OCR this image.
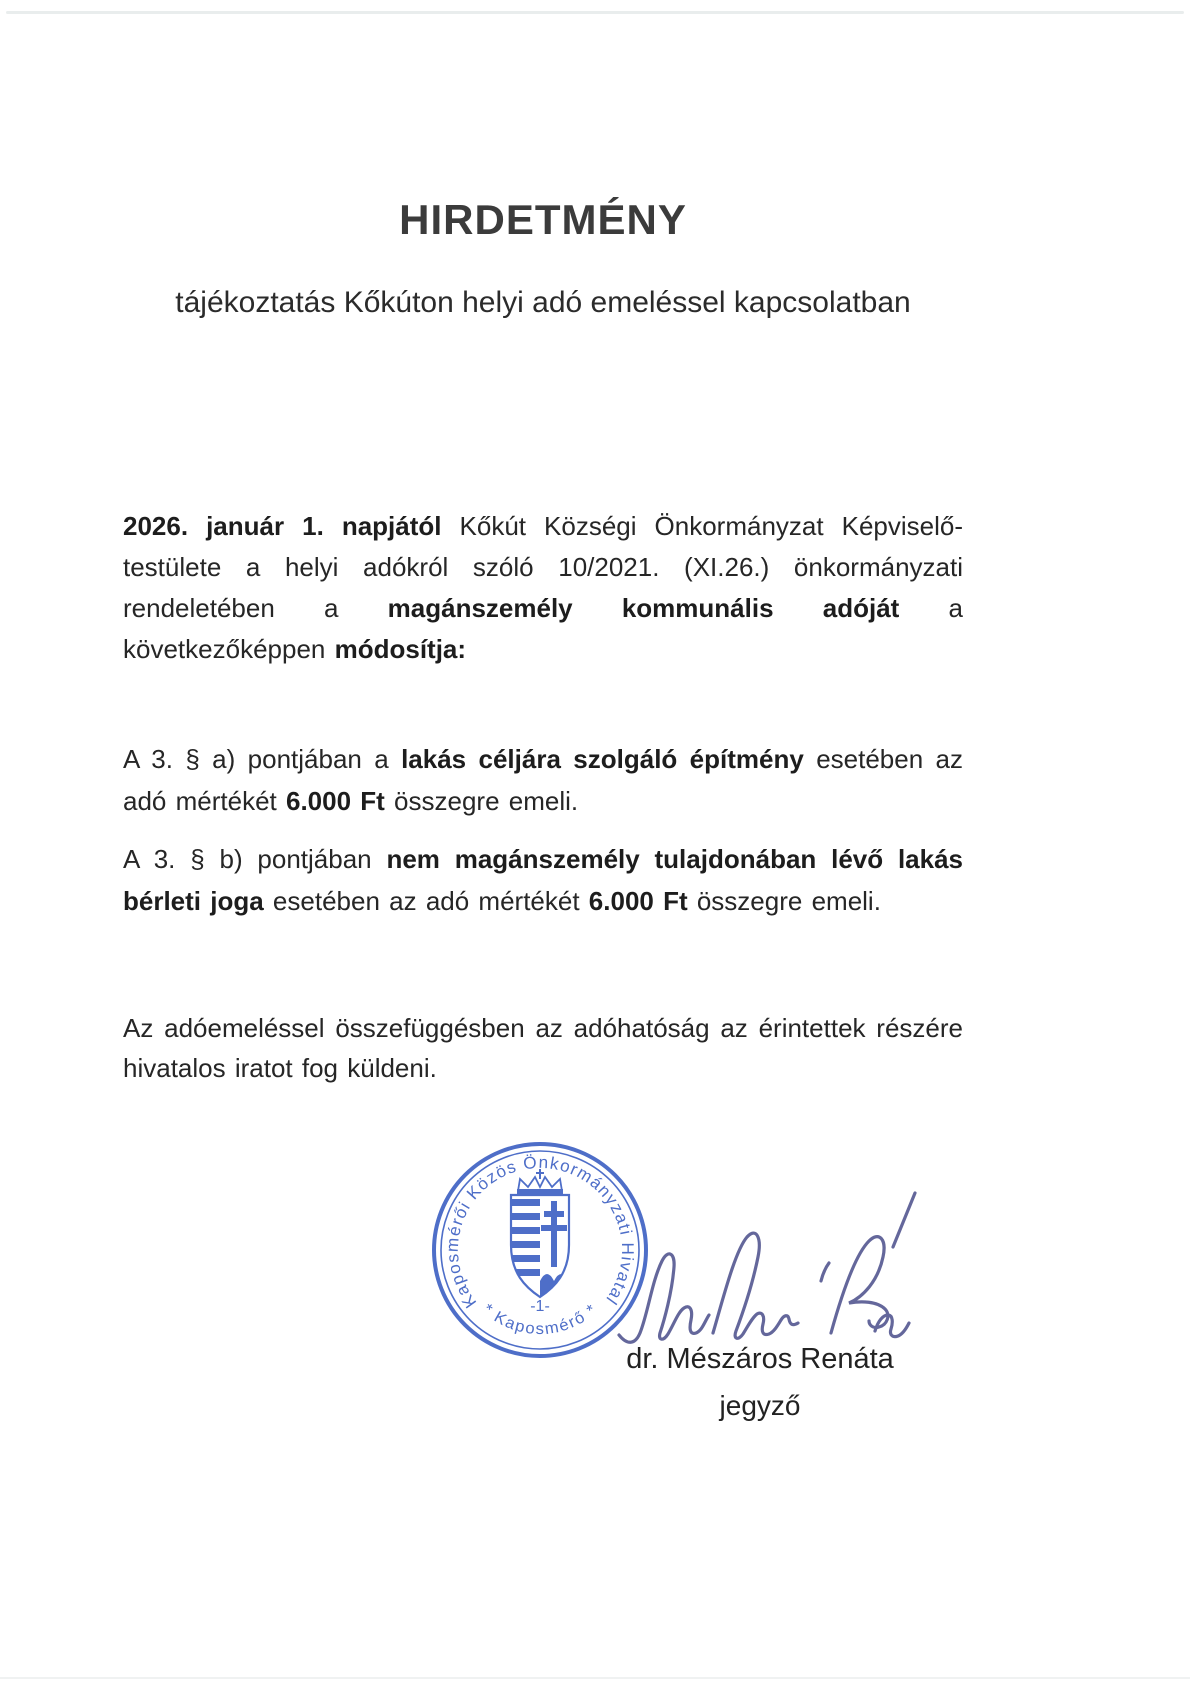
HIRDETMÉNY
tájékoztatás Kőkúton helyi adó emeléssel kapcsolatban
2026. január 1. napjától Kőkút Községi Önkormányzat Képviselő-testülete a helyi adókról szóló 10/2021. (XI.26.) önkormányzati rendeletében a magánszemély kommunális adóját a következőképpen módosítja:
A 3. § a) pontjában a lakás céljára szolgáló építmény esetében az adó mértékét 6.000 Ft összegre emeli.
A 3. § b) pontjában nem magánszemély tulajdonában lévő lakás bérleti joga esetében az adó mértékét 6.000 Ft összegre emeli.
Az adóemeléssel összefüggésben az adóhatóság az érintettek részére hivatalos iratot fog küldeni.
Kaposmérői Közös Önkormányzati Hivatal
* Kaposmérő *
-1-
dr. Mészáros Renáta
jegyző
